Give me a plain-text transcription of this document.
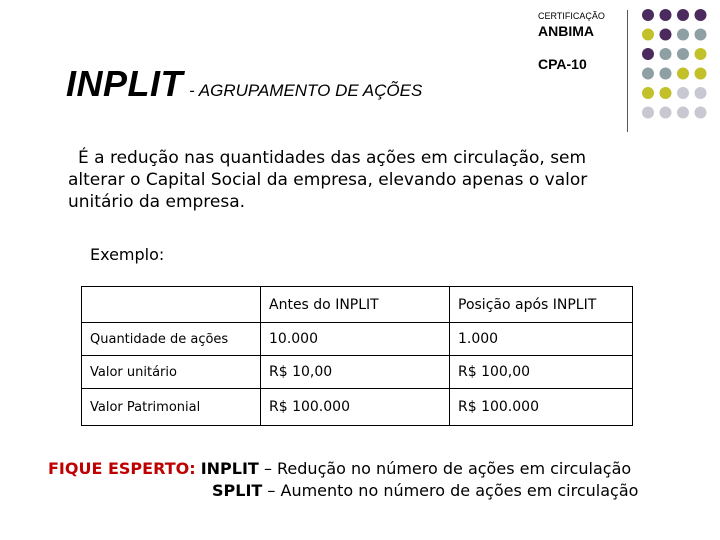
CERTIFICAÇÃO
ANBIMA
CPA-10
INPLIT - AGRUPAMENTO DE AÇÕES
É a redução nas quantidades das ações em circulação, sem alterar o Capital Social da empresa, elevando apenas o valor unitário da empresa.
Exemplo:
	Antes do INPLIT	Posição após INPLIT
Quantidade de ações	10.000	1.000
Valor unitário	R$ 10,00	R$ 100,00
Valor Patrimonial	R$ 100.000	R$ 100.000
FIQUE ESPERTO: INPLIT – Redução no número de ações em circulação
SPLIT – Aumento no número de ações em circulação
